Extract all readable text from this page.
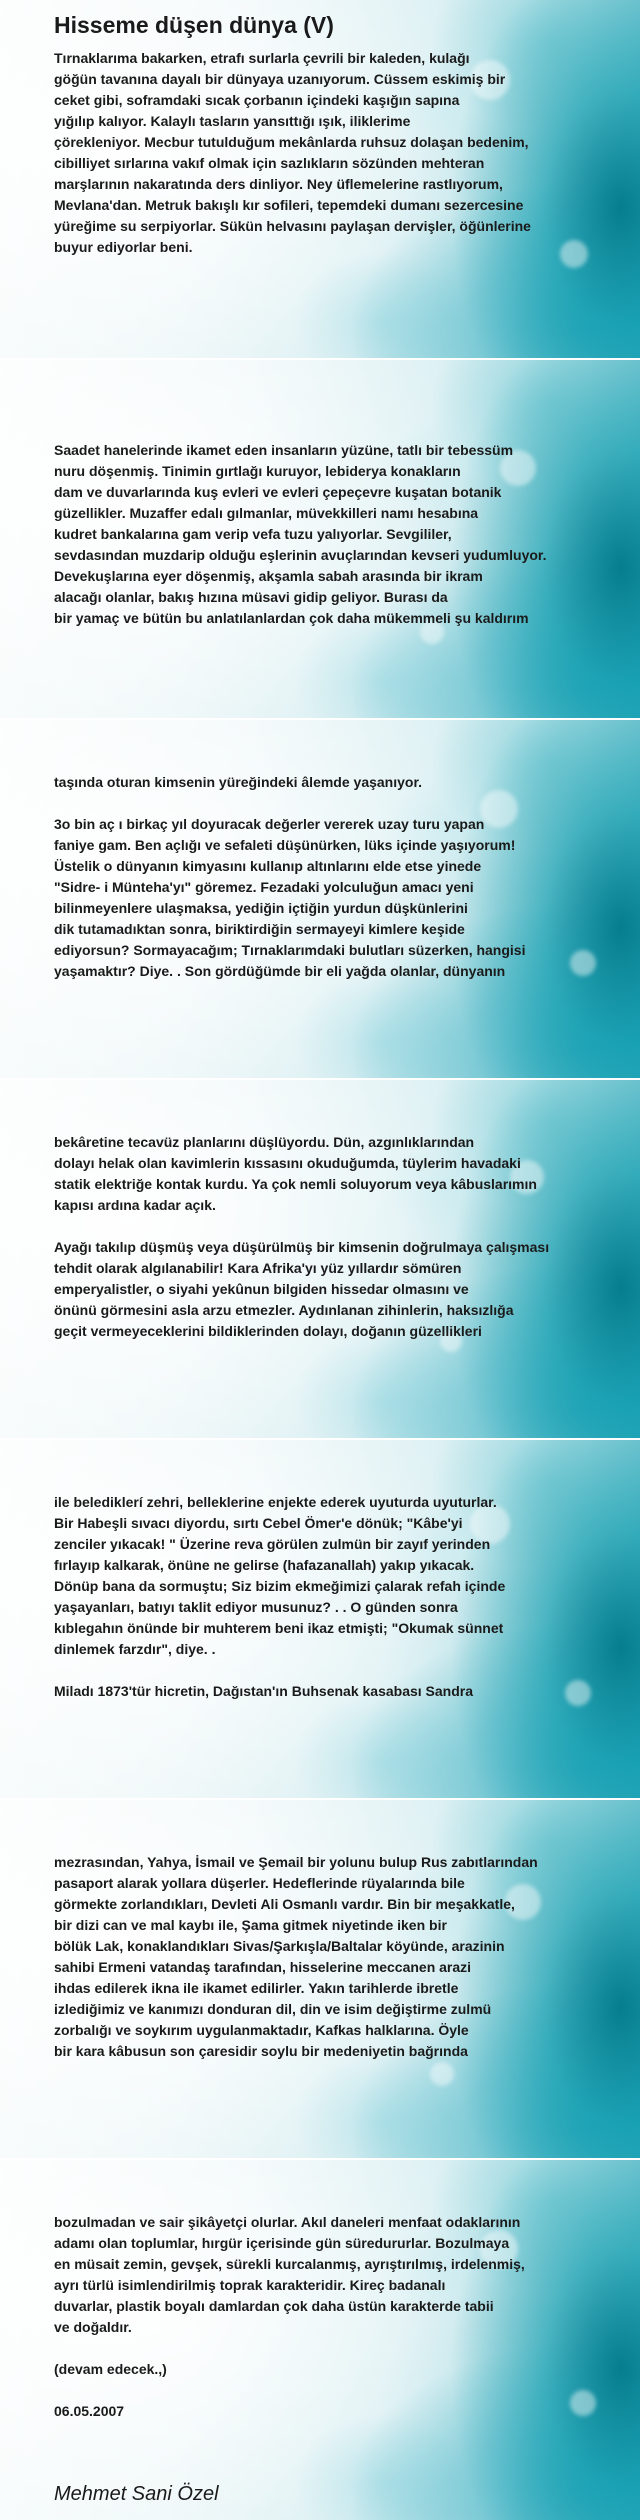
Hisseme düşen dünya (V)
Tırnaklarıma bakarken, etrafı surlarla çevrili bir kaleden, kulağı
göğün tavanına dayalı bir dünyaya uzanıyorum. Cüssem eskimiş bir
ceket gibi, soframdaki sıcak çorbanın içindeki kaşığın sapına
yığılıp kalıyor. Kalaylı tasların yansıttığı ışık, iliklerime
çörekleniyor. Mecbur tutulduğum mekânlarda ruhsuz dolaşan bedenim,
cibilliyet sırlarına vakıf olmak için sazlıkların sözünden mehteran
marşlarının nakaratında ders dinliyor. Ney üflemelerine rastlıyorum,
Mevlana'dan. Metruk bakışlı kır sofileri, tepemdeki dumanı sezercesine
yüreğime su serpiyorlar. Sükün helvasını paylaşan dervişler, öğünlerine
buyur ediyorlar beni.
Saadet hanelerinde ikamet eden insanların yüzüne, tatlı bir tebessüm
nuru döşenmiş. Tinimin gırtlağı kuruyor, lebideryа konakların
dam ve duvarlarında kuş evleri ve evleri çepeçevre kuşatan botanik
güzellikler. Muzaffer edalı gılmanlar, müvekkilleri namı hesabına
kudret bankalarına gam verip vefa tuzu yalıyorlar. Sevgililer,
sevdasından muzdarip olduğu eşlerinin avuçlarından kevseri yudumluyor.
Devekuşlarına eyer döşenmiş, akşamla sabah arasında bir ikram
alacağı olanlar, bakış hızına müsavi gidip geliyor. Burası da
bir yamaç ve bütün bu anlatılanlardan çok daha mükemmeli şu kaldırım
taşında oturan kimsenin yüreğindeki âlemde yaşanıyor.
3o bin aç ı birkaç yıl doyuracak değerler vererek uzay turu yapan
faniye gam. Ben açlığı ve sefaleti düşünürken, lüks içinde yaşıyorum!
Üstelik o dünyanın kimyasını kullanıp altınlarını elde etse yinede
"Sidre- i Münteha'yı" göremez. Fezadaki yolculuğun amacı yeni
bilinmeyenlere ulaşmaksa, yediğin içtiğin yurdun düşkünlerini
dik tutamadıktan sonra, biriktirdiğin sermayeyi kimlere keşide
ediyorsun? Sormayacağım; Tırnaklarımdaki bulutları süzerken, hangisi
yaşamaktır? Diye. . Son gördüğümde bir eli yağda olanlar, dünyanın
bekâretine tecavüz planlarını düşlüyordu. Dün, azgınlıklarından
dolayı helak olan kavimlerin kıssasını okuduğumda, tüylerim havadaki
statik elektriğe kontak kurdu. Ya çok nemli soluyorum veya kâbuslarımın
kapısı ardına kadar açık.
Ayağı takılıp düşmüş veya düşürülmüş bir kimsenin doğrulmaya çalışması
tehdit olarak algılanabilir! Kara Afrika'yı yüz yıllardır sömüren
emperyalistler, o siyahi yekûnun bilgiden hissedar olmasını ve
önünü görmesini asla arzu etmezler. Aydınlanan zihinlerin, haksızlığa
geçit vermeyeceklerini bildiklerinden dolayı, doğanın güzellikleri
ile belediklerí zehri, belleklerine enjekte ederek uyuturda uyuturlar.
Bir Habeşli sıvacı diyordu, sırtı Cebel Ömer'e dönük; "Kâbe'yi
zenciler yıkacak! " Üzerine reva görülen zulmün bir zayıf yerinden
fırlayıp kalkarak, önüne ne gelirse (hafazanallah) yakıp yıkacak.
Dönüp bana da sormuştu; Siz bizim ekmeğimizi çalarak refah içinde
yaşayanları, batıyı taklit ediyor musunuz? . . O günden sonra
kıblegahın önünde bir muhterem beni ikaz etmişti; "Okumak sünnet
dinlemek farzdır", diye. .
Miladı 1873'tür hicretin, Dağıstan'ın Buhsenak kasabası Sandra
mezrasından, Yahya, İsmail ve Şemail bir yolunu bulup Rus zabıtlarından
pasaport alarak yollara düşerler. Hedeflerinde rüyalarında bile
görmekte zorlandıkları, Devleti Ali Osmanlı vardır. Bin bir meşakkatle,
bir dizi can ve mal kaybı ile, Şama gitmek niyetinde iken bir
bölük Lak, konaklandıkları Sivas/Şarkışla/Baltalar köyünde, arazinin
sahibi Ermeni vatandaş tarafından, hisselerine meccanen arazi
ihdas edilerek ikna ile ikamet edilirler. Yakın tarihlerde ibretle
izlediğimiz ve kanımızı donduran dil, din ve isim değiştirme zulmü
zorbalığı ve soykırım uygulanmaktadır, Kafkas halklarına. Öyle
bir kara kâbusun son çaresidir soylu bir medeniyetin bağrında
bozulmadan ve sair şikâyetçi olurlar. Akıl daneleri menfaat odaklarının
adamı olan toplumlar, hırgür içerisinde gün süredururlar. Bozulmaya
en müsait zemin, gevşek, sürekli kurcalanmış, ayrıştırılmış, irdelenmiş,
ayrı türlü isimlendirilmiş toprak karakteridir. Kireç badanalı
duvarlar, plastik boyalı damlardan çok daha üstün karakterde tabii
ve doğaldır.
(devam edecek.,)
06.05.2007
Mehmet Sani Özel
